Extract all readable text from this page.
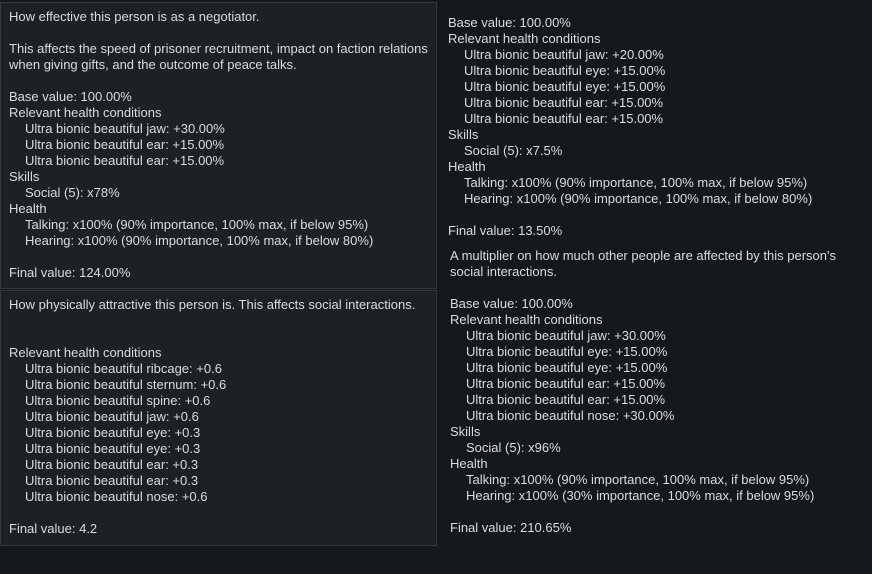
How effective this person is as a negotiator.
This affects the speed of prisoner recruitment, impact on faction relations when giving gifts, and the outcome of peace talks.
Base value: 100.00%
Relevant health conditions
Ultra bionic beautiful jaw: +30.00%
Ultra bionic beautiful ear: +15.00%
Ultra bionic beautiful ear: +15.00%
Skills
Social (5): x78%
Health
Talking: x100% (90% importance, 100% max, if below 95%)
Hearing: x100% (90% importance, 100% max, if below 80%)
Final value: 124.00%
How physically attractive this person is. This affects social interactions.
Relevant health conditions
Ultra bionic beautiful ribcage: +0.6
Ultra bionic beautiful sternum: +0.6
Ultra bionic beautiful spine: +0.6
Ultra bionic beautiful jaw: +0.6
Ultra bionic beautiful eye: +0.3
Ultra bionic beautiful eye: +0.3
Ultra bionic beautiful ear: +0.3
Ultra bionic beautiful ear: +0.3
Ultra bionic beautiful nose: +0.6
Final value: 4.2
Base value: 100.00%
Relevant health conditions
Ultra bionic beautiful jaw: +20.00%
Ultra bionic beautiful eye: +15.00%
Ultra bionic beautiful eye: +15.00%
Ultra bionic beautiful ear: +15.00%
Ultra bionic beautiful ear: +15.00%
Skills
Social (5): x7.5%
Health
Talking: x100% (90% importance, 100% max, if below 95%)
Hearing: x100% (90% importance, 100% max, if below 80%)
Final value: 13.50%
A multiplier on how much other people are affected by this person's social interactions.
Base value: 100.00%
Relevant health conditions
Ultra bionic beautiful jaw: +30.00%
Ultra bionic beautiful eye: +15.00%
Ultra bionic beautiful eye: +15.00%
Ultra bionic beautiful ear: +15.00%
Ultra bionic beautiful ear: +15.00%
Ultra bionic beautiful nose: +30.00%
Skills
Social (5): x96%
Health
Talking: x100% (90% importance, 100% max, if below 95%)
Hearing: x100% (30% importance, 100% max, if below 95%)
Final value: 210.65%
